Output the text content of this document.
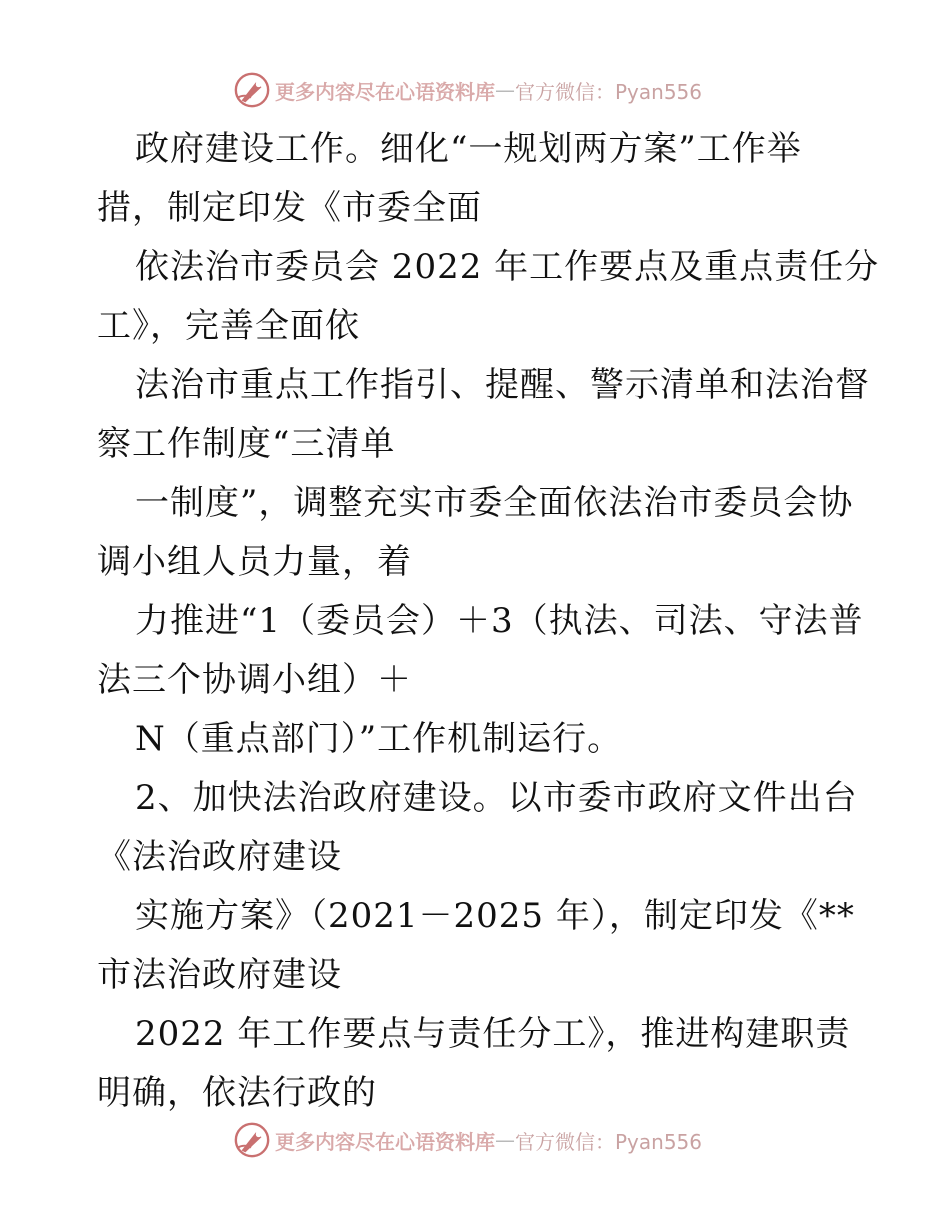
更多内容尽在心语资料库 — 官方微信：Pyan556
政府建设工作。细化“一规划两方案”工作举
措，制定印发《市委全面
依法治市委员会 2022 年工作要点及重点责任分
工》，完善全面依
法治市重点工作指引、提醒、警示清单和法治督
察工作制度“三清单
一制度”，调整充实市委全面依法治市委员会协
调小组人员力量，着
力推进“1（委员会）＋3（执法、司法、守法普
法三个协调小组）＋
N（重点部门）”工作机制运行。
2、加快法治政府建设。以市委市政府文件出台
《法治政府建设
实施方案》（2021－2025 年），制定印发《**
市法治政府建设
2022 年工作要点与责任分工》，推进构建职责
明确，依法行政的
更多内容尽在心语资料库 — 官方微信：Pyan556
